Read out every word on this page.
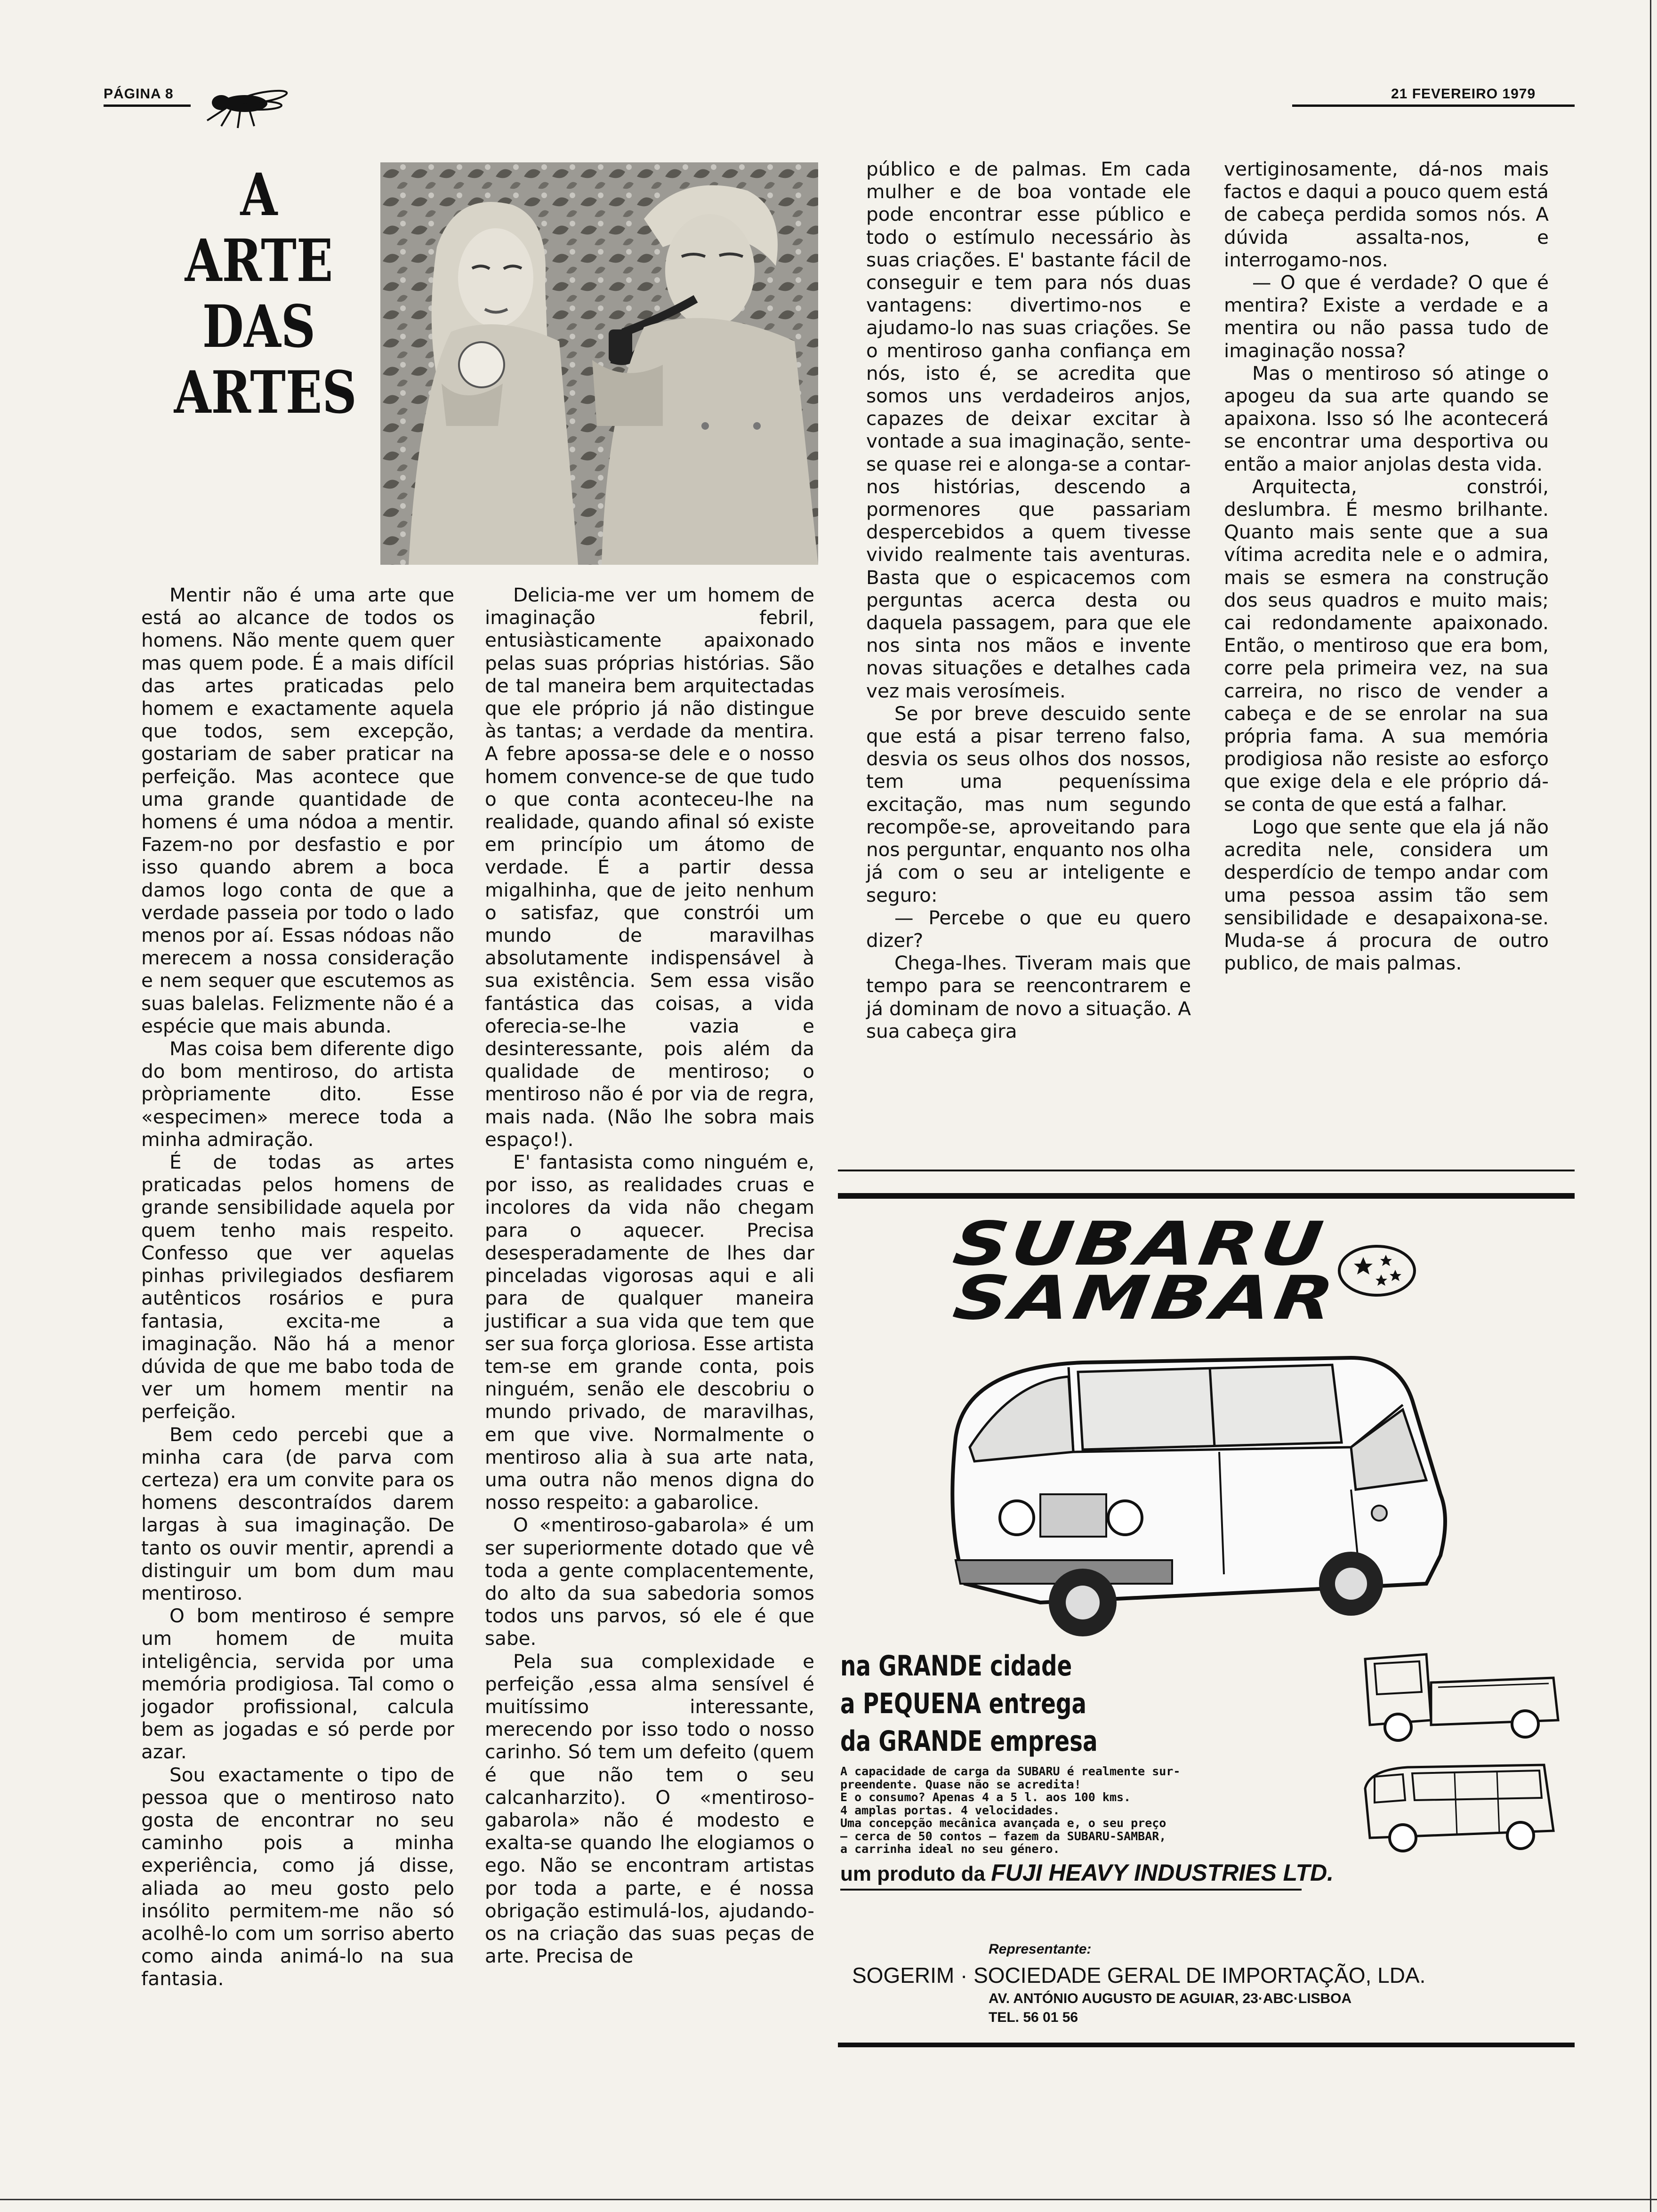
PÁGINA 8	21 FEVEREIRO 1979
A
ARTE
DAS
ARTES

Mentir não é uma arte que está ao alcance de todos os homens. Não mente quem quer mas quem pode. É a mais difícil das artes praticadas pelo homem e exactamente aquela que todos, sem excepção, gostariam de saber praticar na perfeição. Mas acontece que uma grande quantidade de homens é uma nódoa a mentir. Fazem-no por desfastio e por isso quando abrem a boca damos logo conta de que a verdade passeia por todo o lado menos por aí. Essas nódoas não merecem a nossa consideração e nem sequer que escutemos as suas balelas. Felizmente não é a espécie que mais abunda.

Mas coisa bem diferente digo do bom mentiroso, do artista pròpriamente dito. Esse «especimen» merece toda a minha admiração.

É de todas as artes praticadas pelos homens de grande sensibilidade aquela por quem tenho mais respeito. Confesso que ver aquelas pinhas privilegiados desfiarem autênticos rosários e pura fantasia, excita-me a imaginação. Não há a menor dúvida de que me babo toda de ver um homem mentir na perfeição.

Bem cedo percebi que a minha cara (de parva com certeza) era um convite para os homens descontraídos darem largas à sua imaginação. De tanto os ouvir mentir, aprendi a distinguir um bom dum mau mentiroso.

O bom mentiroso é sempre um homem de muita inteligência, servida por uma memória prodigiosa. Tal como o jogador profissional, calcula bem as jogadas e só perde por azar.

Sou exactamente o tipo de pessoa que o mentiroso nato gosta de encontrar no seu caminho pois a minha experiência, como já disse, aliada ao meu gosto pelo insólito permitem-me não só acolhê-lo com um sorriso aberto como ainda animá-lo na sua fantasia.

Delicia-me ver um homem de imaginação febril, entusiàsticamente apaixonado pelas suas próprias histórias. São de tal maneira bem arquitectadas que ele próprio já não distingue às tantas; a verdade da mentira. A febre apossa-se dele e o nosso homem convence-se de que tudo o que conta aconteceu-lhe na realidade, quando afinal só existe em princípio um átomo de verdade. É a partir dessa migalhinha, que de jeito nenhum o satisfaz, que constrói um mundo de maravilhas absolutamente indispensável à sua existência. Sem essa visão fantástica das coisas, a vida oferecia-se-lhe vazia e desinteressante, pois além da qualidade de mentiroso; o mentiroso não é por via de regra, mais nada. (Não lhe sobra mais espaço!).

E' fantasista como ninguém e, por isso, as realidades cruas e incolores da vida não chegam para o aquecer. Precisa desesperadamente de lhes dar pinceladas vigorosas aqui e ali para de qualquer maneira justificar a sua vida que tem que ser sua força gloriosa. Esse artista tem-se em grande conta, pois ninguém, senão ele descobriu o mundo privado, de maravilhas, em que vive. Normalmente o mentiroso alia à sua arte nata, uma outra não menos digna do nosso respeito: a gabarolice.

O «mentiroso-gabarola» é um ser superiormente dotado que vê toda a gente complacentemente, do alto da sua sabedoria somos todos uns parvos, só ele é que sabe.

Pela sua complexidade e perfeição ,essa alma sensível é muitíssimo interessante, merecendo por isso todo o nosso carinho. Só tem um defeito (quem é que não tem o seu calcanharzito). O «mentiroso-gabarola» não é modesto e exalta-se quando lhe elogiamos o ego. Não se encontram artistas por toda a parte, e é nossa obrigação estimulá-los, ajudando-os na criação das suas peças de arte. Precisa de

público e de palmas. Em cada mulher e de boa vontade ele pode encontrar esse público e todo o estímulo necessário às suas criações. E' bastante fácil de conseguir e tem para nós duas vantagens: divertimo-nos e ajudamo-lo nas suas criações. Se o mentiroso ganha confiança em nós, isto é, se acredita que somos uns verdadeiros anjos, capazes de deixar excitar à vontade a sua imaginação, sente-se quase rei e alonga-se a contar-nos histórias, descendo a pormenores que passariam despercebidos a quem tivesse vivido realmente tais aventuras. Basta que o espicacemos com perguntas acerca desta ou daquela passagem, para que ele nos sinta nos mãos e invente novas situações e detalhes cada vez mais verosímeis.

Se por breve descuido sente que está a pisar terreno falso, desvia os seus olhos dos nossos, tem uma pequeníssima excitação, mas num segundo recompõe-se, aproveitando para nos perguntar, enquanto nos olha já com o seu ar inteligente e seguro:

— Percebe o que eu quero dizer?

Chega-lhes. Tiveram mais que tempo para se reencontrarem e já dominam de novo a situação. A sua cabeça gira

vertiginosamente, dá-nos mais factos e daqui a pouco quem está de cabeça perdida somos nós. A dúvida assalta-nos, e interrogamo-nos.

— O que é verdade? O que é mentira? Existe a verdade e a mentira ou não passa tudo de imaginação nossa?

Mas o mentiroso só atinge o apogeu da sua arte quando se apaixona. Isso só lhe acontecerá se encontrar uma desportiva ou então a maior anjolas desta vida.

Arquitecta, constrói, deslumbra. É mesmo brilhante. Quanto mais sente que a sua vítima acredita nele e o admira, mais se esmera na construção dos seus quadros e muito mais; cai redondamente apaixonado. Então, o mentiroso que era bom, corre pela primeira vez, na sua carreira, no risco de vender a cabeça e de se enrolar na sua própria fama. A sua memória prodigiosa não resiste ao esforço que exige dela e ele próprio dá-se conta de que está a falhar.

Logo que sente que ela já não acredita nele, considera um desperdício de tempo andar com uma pessoa assim tão sem sensibilidade e desapaixona-se. Muda-se á procura de outro publico, de mais palmas.

SUBARU
SAMBAR
na GRANDE cidade
a PEQUENA entrega
da GRANDE empresa
A capacidade de carga da SUBARU é realmente sur-
preendente. Quase não se acredita!
E o consumo? Apenas 4 a 5 l. aos 100 kms.
4 amplas portas. 4 velocidades.
Uma concepção mecânica avançada e, o seu preço
— cerca de 50 contos — fazem da SUBARU-SAMBAR,
a carrinha ideal no seu género.
um produto da FUJI HEAVY INDUSTRIES LTD.
Representante:
SOGERIM · SOCIEDADE GERAL DE IMPORTAÇÃO, LDA.
AV. ANTÓNIO AUGUSTO DE AGUIAR, 23·ABC·LISBOA
TEL. 56 01 56
